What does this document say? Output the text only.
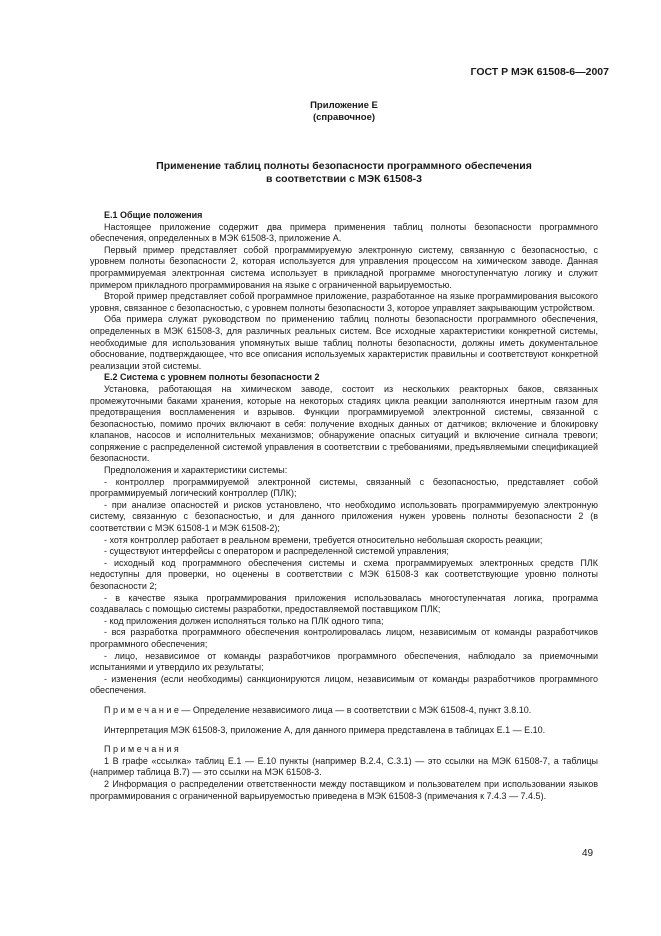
ГОСТ Р МЭК 61508-6—2007
Приложение Е
(справочное)
Применение таблиц полноты безопасности программного обеспечения
в соответствии с МЭК 61508-3

Е.1 Общие положения

Настоящее приложение содержит два примера применения таблиц полноты безопасности программного обеспечения, определенных в МЭК 61508-3, приложение А.

Первый пример представляет собой программируемую электронную систему, связанную с безопасностью, с уровнем полноты безопасности 2, которая используется для управления процессом на химическом заводе. Данная программируемая электронная система использует в прикладной программе многоступенчатую логику и служит примером прикладного программирования на языке с ограниченной варьируемостью.

Второй пример представляет собой программное приложение, разработанное на языке программирования высокого уровня, связанное с безопасностью, с уровнем полноты безопасности 3, которое управляет закрывающим устройством.

Оба примера служат руководством по применению таблиц полноты безопасности программного обеспечения, определенных в МЭК 61508-3, для различных реальных систем. Все исходные характеристики конкретной системы, необходимые для использования упомянутых выше таблиц полноты безопасности, должны иметь документальное обоснование, подтверждающее, что все описания используемых характеристик правильны и соответствуют конкретной реализации этой системы.

Е.2 Система с уровнем полноты безопасности 2

Установка, работающая на химическом заводе, состоит из нескольких реакторных баков, связанных промежуточными баками хранения, которые на некоторых стадиях цикла реакции заполняются инертным газом для предотвращения воспламенения и взрывов. Функции программируемой электронной системы, связанной с безопасностью, помимо прочих включают в себя: получение входных данных от датчиков; включение и блокировку клапанов, насосов и исполнительных механизмов; обнаружение опасных ситуаций и включение сигнала тревоги; сопряжение с распределенной системой управления в соответствии с требованиями, предъявляемыми спецификацией безопасности.

Предположения и характеристики системы:

- контроллер программируемой электронной системы, связанный с безопасностью, представляет собой программируемый логический контроллер (ПЛК);

- при анализе опасностей и рисков установлено, что необходимо использовать программируемую электронную систему, связанную с безопасностью, и для данного приложения нужен уровень полноты безопасности 2 (в соответствии с МЭК 61508-1 и МЭК 61508-2);

- хотя контроллер работает в реальном времени, требуется относительно небольшая скорость реакции;

- существуют интерфейсы с оператором и распределенной системой управления;

- исходный код программного обеспечения системы и схема программируемых электронных средств ПЛК недоступны для проверки, но оценены в соответствии с МЭК 61508-3 как соответствующие уровню полноты безопасности 2;

- в качестве языка программирования приложения использовалась многоступенчатая логика, программа создавалась с помощью системы разработки, предоставляемой поставщиком ПЛК;

- код приложения должен исполняться только на ПЛК одного типа;

- вся разработка программного обеспечения контролировалась лицом, независимым от команды разработчиков программного обеспечения;

- лицо, независимое от команды разработчиков программного обеспечения, наблюдало за приемочными испытаниями и утвердило их результаты;

- изменения (если необходимы) санкционируются лицом, независимым от команды разработчиков программного обеспечения.

П р и м е ч а н и е — Определение независимого лица — в соответствии с МЭК 61508-4, пункт 3.8.10.

Интерпретация МЭК 61508-3, приложение А, для данного примера представлена в таблицах Е.1 — Е.10.

П р и м е ч а н и я

1 В графе «ссылка» таблиц Е.1 — Е.10 пункты (например В.2.4, С.3.1) — это ссылки на МЭК 61508-7, а таблицы (например таблица В.7) — это ссылки на МЭК 61508-3.

2 Информация о распределении ответственности между поставщиком и пользователем при использовании языков программирования с ограниченной варьируемостью приведена в МЭК 61508-3 (примечания к 7.4.3 — 7.4.5).

49
